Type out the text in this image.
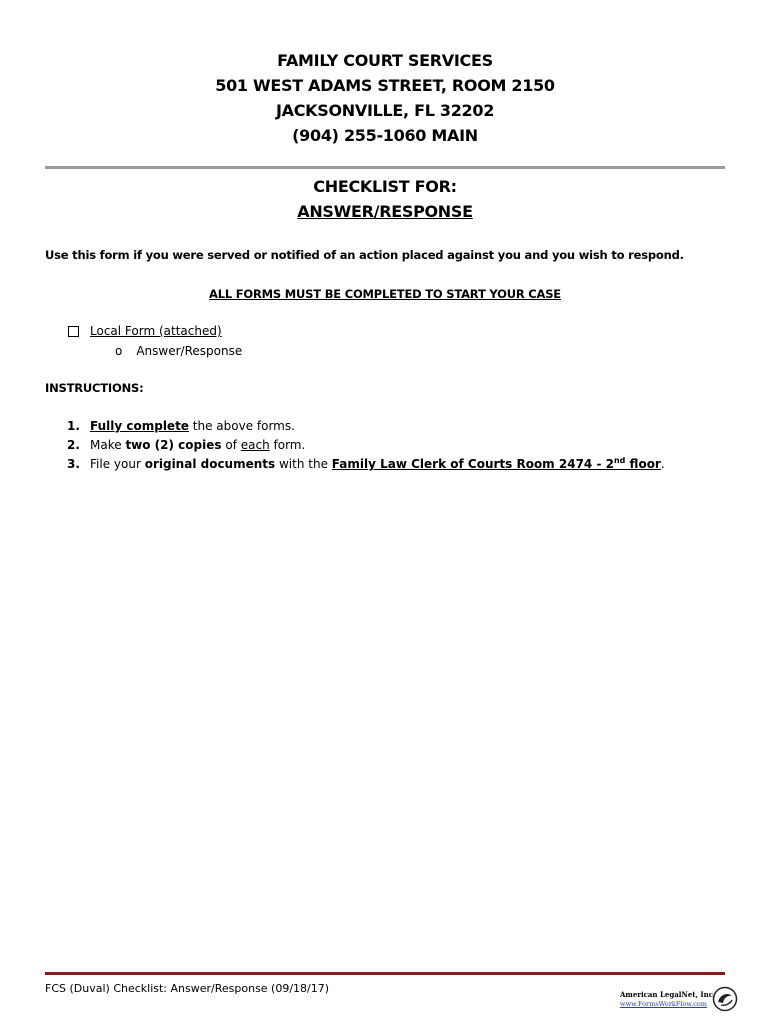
FAMILY COURT SERVICES
501 WEST ADAMS STREET, ROOM 2150
JACKSONVILLE, FL 32202
(904) 255-1060 MAIN
CHECKLIST FOR:
ANSWER/RESPONSE
Use this form if you were served or notified of an action placed against you and you wish to respond.
ALL FORMS MUST BE COMPLETED TO START YOUR CASE
Local Form (attached)
o Answer/Response
INSTRUCTIONS:
1. Fully complete the above forms.
2. Make two (2) copies of each form.
3. File your original documents with the Family Law Clerk of Courts Room 2474 - 2nd floor.
FCS (Duval) Checklist: Answer/Response (09/18/17)	American LegalNet, Inc.
www.FormsWorkFlow.com
